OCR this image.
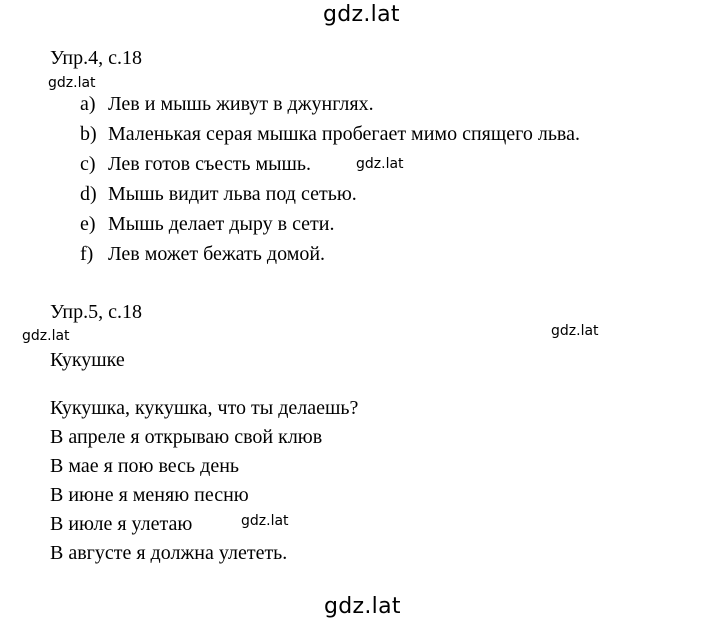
gdz.lat
gdz.lat
gdz.lat
gdz.lat	gdz.lat
gdz.lat
gdz.lat
Упр.4, с.18
a) Лев и мышь живут в джунглях.
b) Маленькая серая мышка пробегает мимо спящего льва.
c) Лев готов съесть мышь.
d) Мышь видит льва под сетью.
e) Мышь делает дыру в сети.
f) Лев может бежать домой.
Упр.5, с.18
Кукушке
Кукушка, кукушка, что ты делаешь?
В апреле я открываю свой клюв
В мае я пою весь день
В июне я меняю песню
В июле я улетаю
В августе я должна улететь.
